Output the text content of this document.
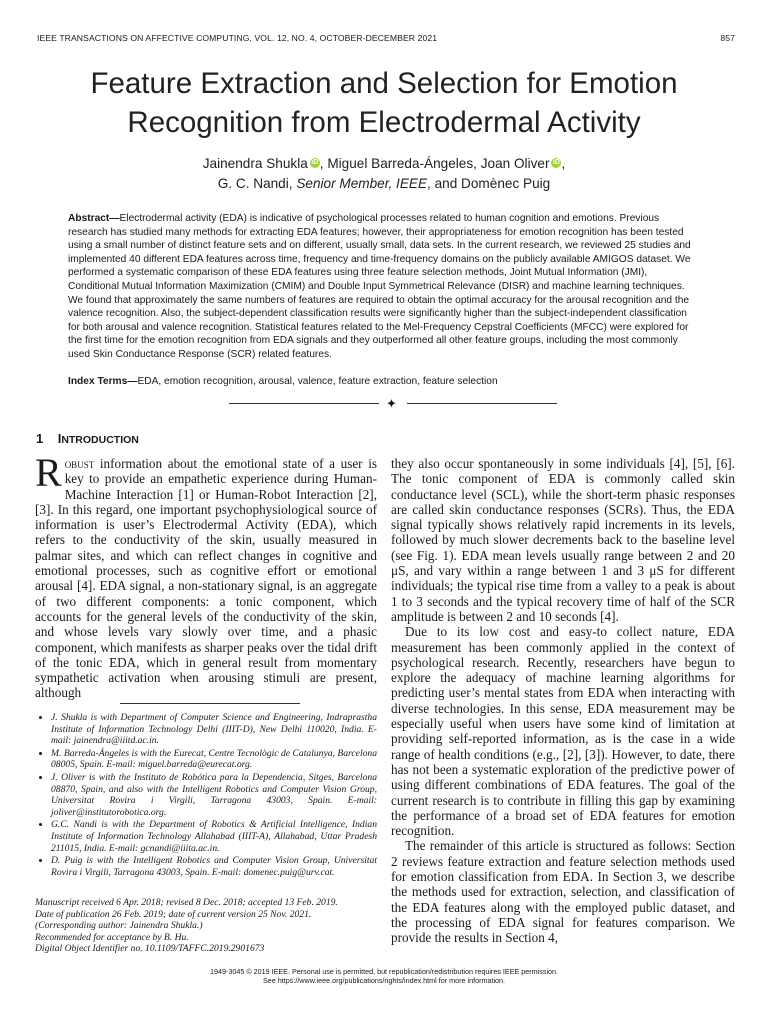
IEEE TRANSACTIONS ON AFFECTIVE COMPUTING, VOL. 12, NO. 4, OCTOBER-DECEMBER 2021	857
Feature Extraction and Selection for Emotion Recognition from Electrodermal Activity
Jainendra Shukla iD , Miguel Barreda-Ángeles, Joan Oliver iD ,
G. C. Nandi, Senior Member, IEEE, and Domènec Puig
Abstract—Electrodermal activity (EDA) is indicative of psychological processes related to human cognition and emotions. Previous research has studied many methods for extracting EDA features; however, their appropriateness for emotion recognition has been tested using a small number of distinct feature sets and on different, usually small, data sets. In the current research, we reviewed 25 studies and implemented 40 different EDA features across time, frequency and time-frequency domains on the publicly available AMIGOS dataset. We performed a systematic comparison of these EDA features using three feature selection methods, Joint Mutual Information (JMI), Conditional Mutual Information Maximization (CMIM) and Double Input Symmetrical Relevance (DISR) and machine learning techniques. We found that approximately the same numbers of features are required to obtain the optimal accuracy for the arousal recognition and the valence recognition. Also, the subject-dependent classification results were significantly higher than the subject-independent classification for both arousal and valence recognition. Statistical features related to the Mel-Frequency Cepstral Coefficients (MFCC) were explored for the first time for the emotion recognition from EDA signals and they outperformed all other feature groups, including the most commonly used Skin Conductance Response (SCR) related features.
Index Terms—EDA, emotion recognition, arousal, valence, feature extraction, feature selection
✦
1 INTRODUCTION

Robust information about the emotional state of a user is key to provide an empathetic experience during Human-Machine Interaction [1] or Human-Robot Interaction [2], [3]. In this regard, one important psychophysiological source of information is user’s Electrodermal Activity (EDA), which refers to the conductivity of the skin, usually measured in palmar sites, and which can reflect changes in cognitive and emotional processes, such as cognitive effort or emotional arousal [4]. EDA signal, a non-stationary signal, is an aggregate of two different components: a tonic component, which accounts for the general levels of the conductivity of the skin, and whose levels vary slowly over time, and a phasic component, which manifests as sharper peaks over the tidal drift of the tonic EDA, which in general result from momentary sympathetic activation when arousing stimuli are present, although

they also occur spontaneously in some individuals [4], [5], [6]. The tonic component of EDA is commonly called skin conductance level (SCL), while the short-term phasic responses are called skin conductance responses (SCRs). Thus, the EDA signal typically shows relatively rapid increments in its levels, followed by much slower decrements back to the baseline level (see Fig. 1). EDA mean levels usually range between 2 and 20 μS, and vary within a range between 1 and 3 μS for different individuals; the typical rise time from a valley to a peak is about 1 to 3 seconds and the typical recovery time of half of the SCR amplitude is between 2 and 10 seconds [4].

Due to its low cost and easy-to collect nature, EDA measurement has been commonly applied in the context of psychological research. Recently, researchers have begun to explore the adequacy of machine learning algorithms for predicting user’s mental states from EDA when interacting with diverse technologies. In this sense, EDA measurement may be especially useful when users have some kind of limitation at providing self-reported information, as is the case in a wide range of health conditions (e.g., [2], [3]). However, to date, there has not been a systematic exploration of the predictive power of using different combinations of EDA features. The goal of the current research is to contribute in filling this gap by examining the performance of a broad set of EDA features for emotion recognition.

The remainder of this article is structured as follows: Section 2 reviews feature extraction and feature selection methods used for emotion classification from EDA. In Section 3, we describe the methods used for extraction, selection, and classification of the EDA features along with the employed public dataset, and the processing of EDA signal for features comparison. We provide the results in Section 4,

• J. Shukla is with Department of Computer Science and Engineering, Indraprastha Institute of Information Technology Delhi (IIIT-D), New Delhi 110020, India. E-mail: jainendra@iiitd.ac.in.
• M. Barreda-Ángeles is with the Eurecat, Centre Tecnològic de Catalunya, Barcelona 08005, Spain. E-mail: miguel.barreda@eurecat.org.
• J. Oliver is with the Instituto de Robótica para la Dependencia, Sitges, Barcelona 08870, Spain, and also with the Intelligent Robotics and Computer Vision Group, Universitat Rovira i Virgili, Tarragona 43003, Spain. E-mail: joliver@institutorobotica.org.
• G.C. Nandi is with the Department of Robotics & Artificial Intelligence, Indian Institute of Information Technology Allahabad (IIIT-A), Allahabad, Uttar Pradesh 211015, India. E-mail: gcnandi@iiita.ac.in.
• D. Puig is with the Intelligent Robotics and Computer Vision Group, Universitat Rovira i Virgili, Tarragona 43003, Spain. E-mail: domenec.puig@urv.cat.
Manuscript received 6 Apr. 2018; revised 8 Dec. 2018; accepted 13 Feb. 2019.
Date of publication 26 Feb. 2019; date of current version 25 Nov. 2021.
(Corresponding author: Jainendra Shukla.)
Recommended for acceptance by B. Hu.
Digital Object Identifier no. 10.1109/TAFFC.2019.2901673
1949-3045 © 2019 IEEE. Personal use is permitted, but republication/redistribution requires IEEE permission.
See https://www.ieee.org/publications/rights/index.html for more information.
